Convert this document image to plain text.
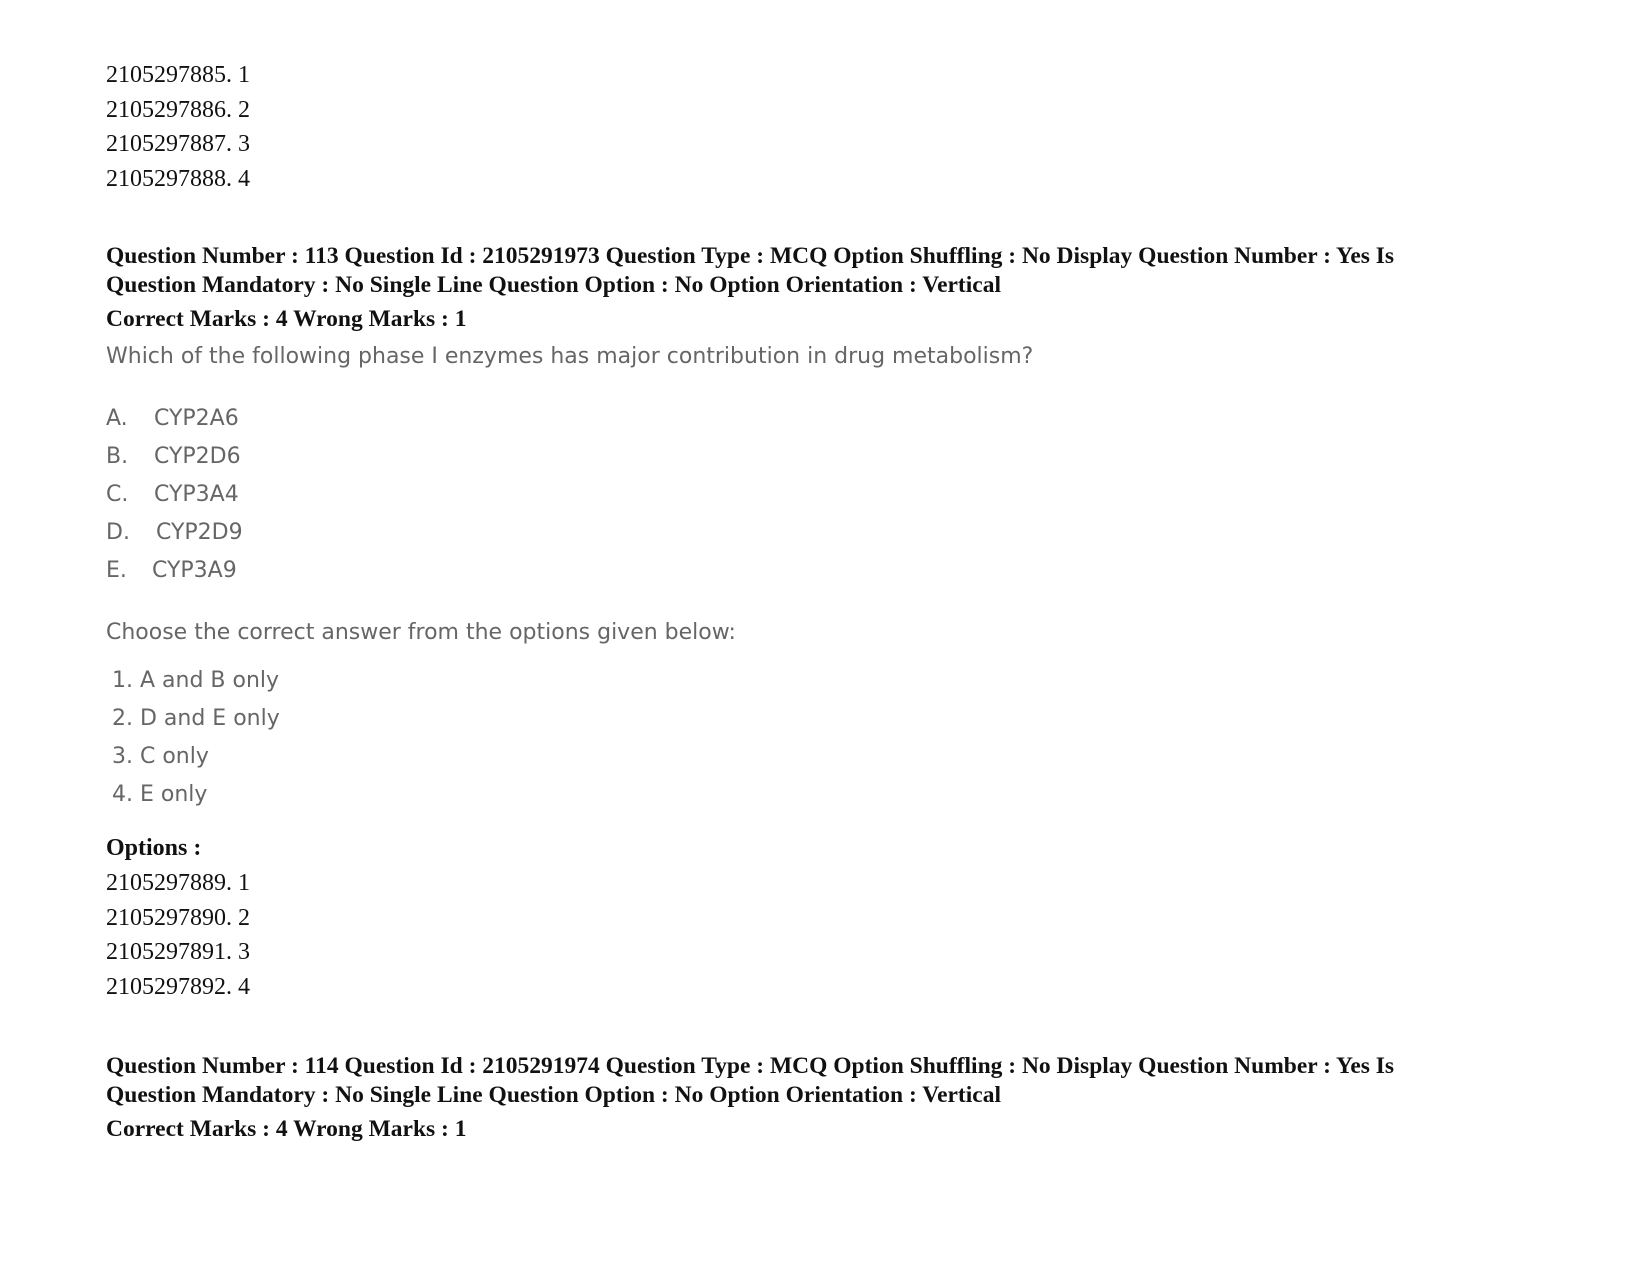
2105297885. 1

2105297886. 2

2105297887. 3

2105297888. 4

Question Number : 113 Question Id : 2105291973 Question Type : MCQ Option Shuffling : No Display Question Number : Yes Is

Question Mandatory : No Single Line Question Option : No Option Orientation : Vertical

Correct Marks : 4 Wrong Marks : 1

Which of the following phase I enzymes has major contribution in drug metabolism?

A. CYP2A6

B. CYP2D6

C. CYP3A4

D. CYP2D9

E. CYP3A9

Choose the correct answer from the options given below:

1. A and B only

2. D and E only

3. C only

4. E only

Options :

2105297889. 1

2105297890. 2

2105297891. 3

2105297892. 4

Question Number : 114 Question Id : 2105291974 Question Type : MCQ Option Shuffling : No Display Question Number : Yes Is

Question Mandatory : No Single Line Question Option : No Option Orientation : Vertical

Correct Marks : 4 Wrong Marks : 1
